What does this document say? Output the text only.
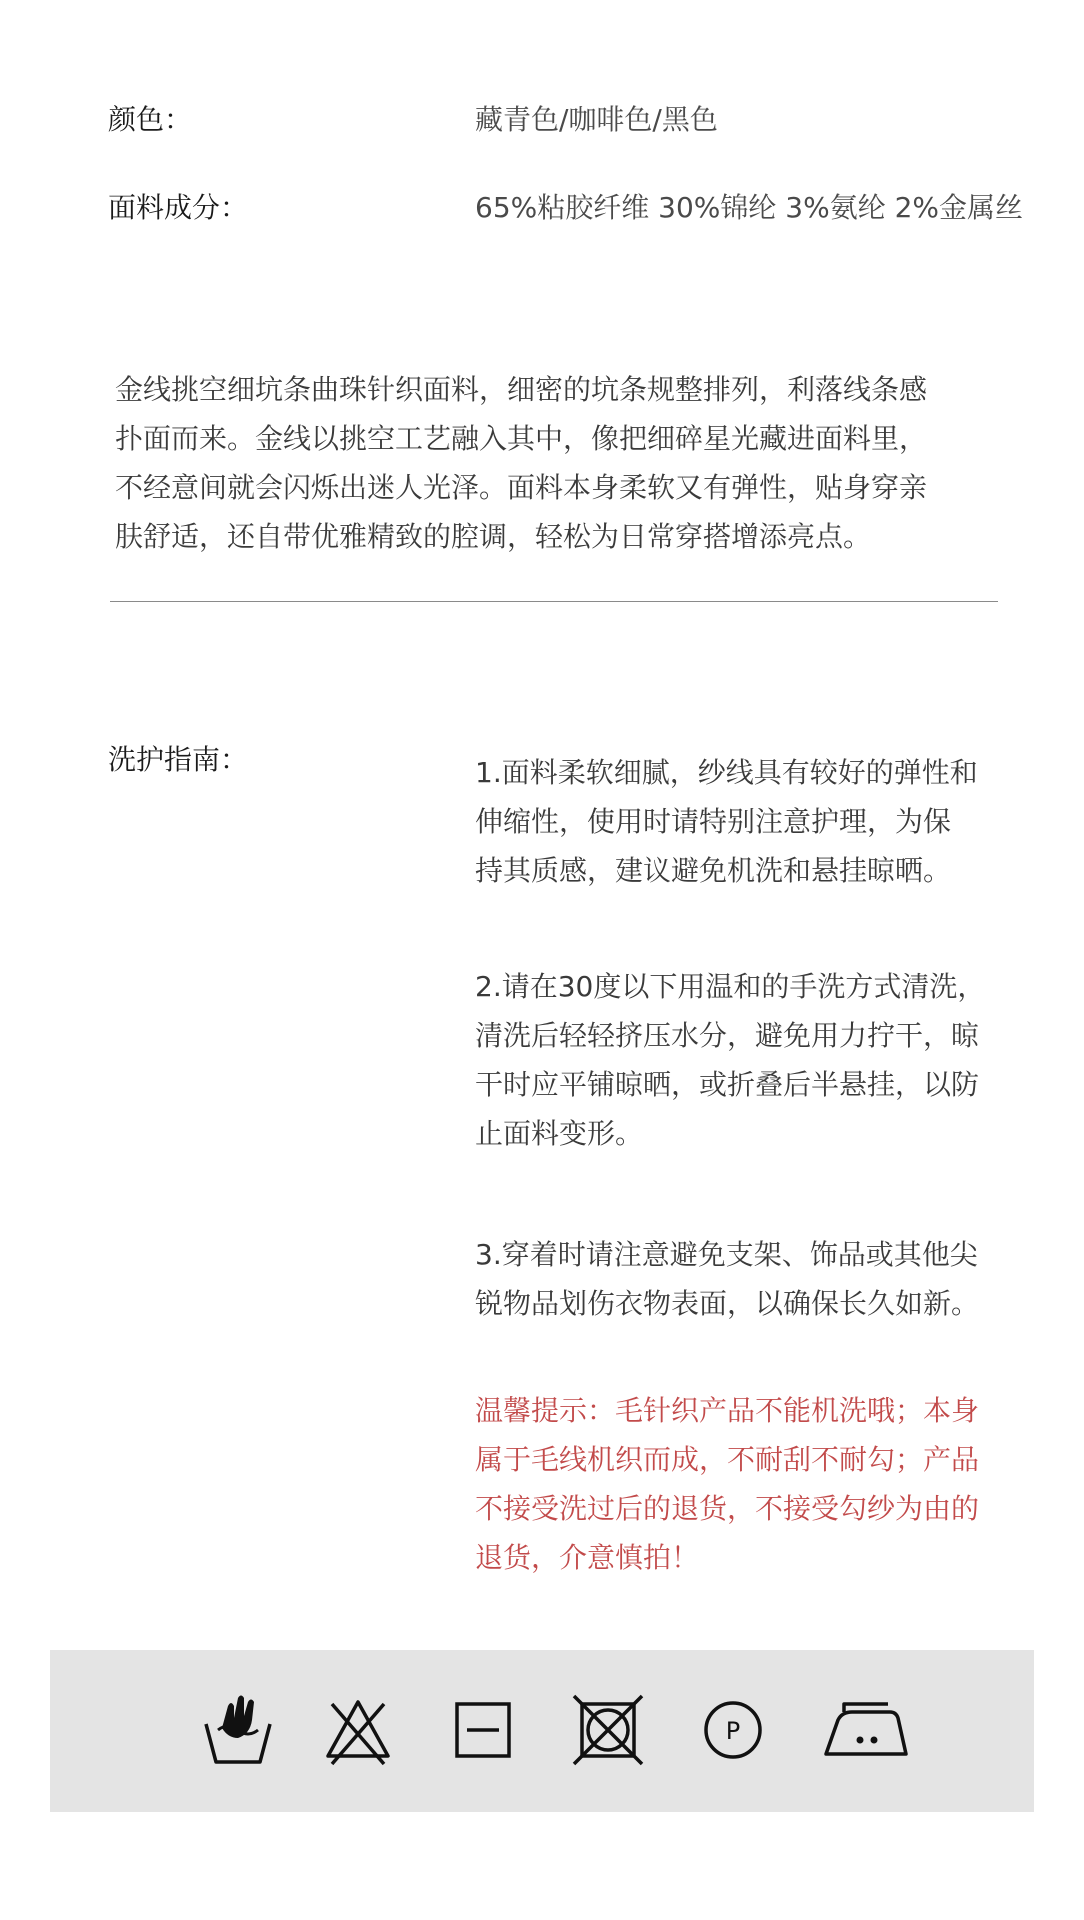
颜色：	藏青色/咖啡色/黑色
面料成分：	65%粘胶纤维 30%锦纶 3%氨纶 2%金属丝
金线挑空细坑条曲珠针织面料，细密的坑条规整排列，利落线条感
扑面而来。金线以挑空工艺融入其中，像把细碎星光藏进面料里，
不经意间就会闪烁出迷人光泽。面料本身柔软又有弹性，贴身穿亲
肤舒适，还自带优雅精致的腔调，轻松为日常穿搭增添亮点。
洗护指南：	1.面料柔软细腻，纱线具有较好的弹性和
伸缩性，使用时请特别注意护理，为保
持其质感，建议避免机洗和悬挂晾晒。
2.请在30度以下用温和的手洗方式清洗，
清洗后轻轻挤压水分，避免用力拧干，晾
干时应平铺晾晒，或折叠后半悬挂，以防
止面料变形。
3.穿着时请注意避免支架、饰品或其他尖
锐物品划伤衣物表面，以确保长久如新。
温馨提示：毛针织产品不能机洗哦；本身
属于毛线机织而成，不耐刮不耐勾；产品
不接受洗过后的退货，不接受勾纱为由的
退货，介意慎拍！
P
